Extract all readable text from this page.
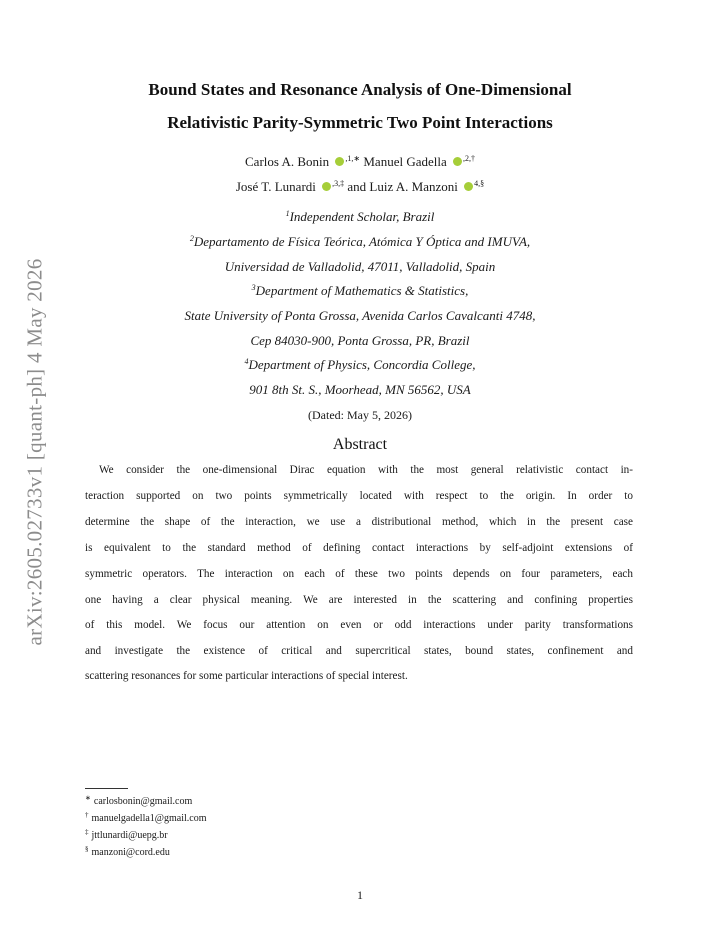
arXiv:2605.02733v1 [quant-ph] 4 May 2026
Bound States and Resonance Analysis of One-Dimensional
Relativistic Parity-Symmetric Two Point Interactions
Carlos A. Bonin $^{,1,∗}$ Manuel Gadella $^{,2,\dagger}$
José T. Lunardi $^{,3,\ddagger}$ and Luiz A. Manzoni $^{4,\S}$
$^1$Independent Scholar, Brazil
$^2$Departamento de Física Teórica, Atómica Y Óptica and IMUVA,
Universidad de Valladolid, 47011, Valladolid, Spain
$^3$Department of Mathematics & Statistics,
State University of Ponta Grossa, Avenida Carlos Cavalcanti 4748,
Cep 84030-900, Ponta Grossa, PR, Brazil
$^4$Department of Physics, Concordia College,
901 8th St. S., Moorhead, MN 56562, USA
(Dated: May 5, 2026)
Abstract
We consider the one-dimensional Dirac equation with the most general relativistic contact in-
teraction supported on two points symmetrically located with respect to the origin. In order to
determine the shape of the interaction, we use a distributional method, which in the present case
is equivalent to the standard method of defining contact interactions by self-adjoint extensions of
symmetric operators. The interaction on each of these two points depends on four parameters, each
one having a clear physical meaning. We are interested in the scattering and confining properties
of this model. We focus our attention on even or odd interactions under parity transformations
and investigate the existence of critical and supercritical states, bound states, confinement and
scattering resonances for some particular interactions of special interest.
∗ carlosbonin@gmail.com
† manuelgadella1@gmail.com
‡ jttlunardi@uepg.br
§ manzoni@cord.edu
1
